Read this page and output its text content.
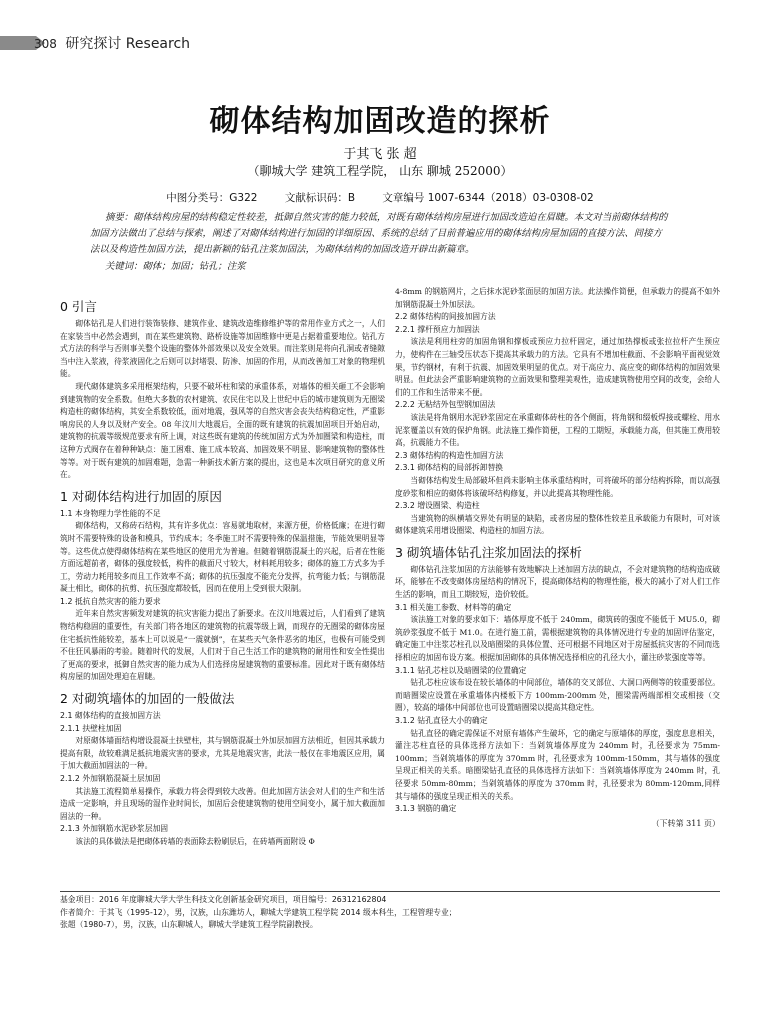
308 研究探讨 Research
砌体结构加固改造的探析
于其飞 张 超
（聊城大学 建筑工程学院， 山东 聊城 252000）
中图分类号：G322	文献标识码：B	文章编号 1007-6344（2018）03-0308-02
摘要：砌体结构房屋的结构稳定性较差，抵御自然灾害的能力较低，对既有砌体结构房屋进行加固改造迫在眉睫。本文对当前砌体结构的加固方法做出了总结与探索，阐述了对砌体结构进行加固的详细原因、系统的总结了目前普遍应用的砌体结构房屋加固的直接方法、间接方法以及构造性加固方法，提出新颖的钻孔注浆加固法，为砌体结构的加固改造开辟出新篇章。
关键词：砌体；加固；钻孔；注浆
0 引言

砌体钻孔是人们进行装饰装修、建筑作业、建筑改造维修维护等的常用作业方式之一，人们在家装当中必然会遇到，而在某些建筑物、路桥设施等加固维修中更是占据着重要地位。钻孔方式方法的科学与否则事关整个设施的整体外部效果以及安全效果。而注浆则是将向孔洞或者缝隙当中注入浆液，待浆液固化之后则可以封堵裂、防渗、加固的作用，从而改善加工对象的物理机能。

现代砌体建筑多采用框架结构，只要不破坏柱和梁的承重体系，对墙体的相关砸工不会影响到建筑物的安全系数。但绝大多数的农村建筑、农民住宅以及上世纪中后的城市建筑则为无圈梁构造柱的砌体结构，其安全系数较低，面对地震，强风等的自然灾害会丧失结构稳定性，严重影响房民的人身以及财产安全。08 年汶川大地震后，全面的既有建筑的抗震加固项目开始启动，建筑物的抗震等级规范要求有所上调，对这些既有建筑的传统加固方式为外加圈梁和构造柱，而这种方式阀存在着种种缺点：施工困难、施工成本较高、加固效果不明显、影响建筑物的整体性等等。对于既有建筑的加固难题，急需一种新技术新方案的提出，这也是本次项目研究的意义所在。

1 对砌体结构进行加固的原因
1.1 本身物理力学性能的不足

砌体结构，又称砖石结构，其有许多优点：容易就地取材，来源方便，价格低廉；在进行砌筑时不需要特殊的设备和模具，节约成本；冬季施工时不需要特殊的保温措施，节能效果明显等等。这些优点使得砌体结构在某些地区的使用尤为普遍。但随着钢筋混凝土的兴起，后者在性能方面远超前者，砌体的强度较低，构件的截面尺寸较大，材料耗用较多；砌体的施工方式多为手工，劳动力耗用较多而且工作效率不高；砌体的抗压强度不能充分发挥，抗弯能力低；与钢筋混凝土相比，砌体的抗剪、抗压强度都较低，因而在使用上受到很大限制。

1.2 抵抗自然灾害的能力要求

近年来自然灾害频发对建筑的抗灾害能力提出了新要求。在汶川地震过后，人们看到了建筑物结构稳固的重要性，有关部门将各地区的建筑物的抗震等级上调，而现存的无圈梁的砌体房屋住宅抵抗性能较差，基本上可以说是“一震就倒”，在某些天气条件恶劣的地区，也极有可能受到不住狂风暴雨的考验。随着时代的发展，人们对于自己生活工作的建筑物的耐用性和安全性提出了更高的要求，抵御自然灾害的能力成为人们选择房屋建筑物的重要标准。因此对于既有砌体结构房屋的加固处理迫在眉睫。

2 对砌筑墙体的加固的一般做法
2.1 砌体结构的直接加固方法
2.1.1 扶壁柱加固

对原砌体墙面结构增设混凝土扶壁柱，其与钢筋混凝土外加层加固方法相近，但因其承载力提高有限，故较难满足抵抗地震灾害的要求，尤其是地震灾害，此法一般仅在非地震区应用，属于加大截面加固法的一种。

2.1.2 外加钢筋混凝土层加固

其法施工流程简单易操作，承载力将会得到较大改善。但此加固方法会对人们的生产和生活造成一定影响，并且现场的湿作业时间长，加固后会使建筑物的使用空间变小，属于加大截面加固法的一种。

2.1.3 外加钢筋水泥砂浆层加固

该法的具体做法是把砌体砖墙的表面除去粉刷层后，在砖墙两面附设 Φ

4-8mm 的钢筋网片，之后抹水泥砂浆面层的加固方法。此法操作简便，但承载力的提高不如外加钢筋混凝土外加层法。

2.2 砌体结构的间接加固方法
2.2.1 撑杆预应力加固法

该法是利用柱旁的加固角钢和撑板或预应力拉杆固定，通过加热撑板或张拉拉杆产生预应力，使构件在三轴受压状态下提高其承载力的方法。它具有不增加柱截面、不会影响平面视觉效果，节约钢材，有利于抗震、加固效果明显的优点。对于高应力、高应变的砌体结构的加固效果明显。但此法会严重影响建筑物的立面效果和整理美观性，造成建筑物使用空间的改变，会给人们的工作和生活带来不便。

2.2.2 无粘结外包型钢加固法

该法是将角钢用水泥砂浆固定在承重砌体砖柱的各个侧面，将角钢和缀板焊接或螺栓、用水泥浆覆盖以有效的保护角钢。此法施工操作简便，工程的工期短，承载能力高，但其施工费用较高，抗震能力不佳。

2.3 砌体结构的构造性加固方法
2.3.1 砌体结构的局部拆卸替换

当砌体结构发生局部破坏但尚未影响主体承重结构时，可将破坏的部分结构拆除，而以高强度砂浆和相应的砌体将该破坏结构修复，并以此提高其物理性能。

2.3.2 增设圈梁、构造柱

当建筑物的纵横墙交界处有明显的缺陷，或者房屋的整体性较差且承载能力有限时，可对该砌体建筑采用增设圈梁、构造柱的加固方法。

3 砌筑墙体钻孔注浆加固法的探析

砌体钻孔注浆加固的方法能够有效地解决上述加固方法的缺点，不会对建筑物的结构造成破坏，能够在不改变砌体房屋结构的情况下，提高砌体结构的物理性能，极大的减小了对人们工作生活的影响，而且工期较短，造价较低。

3.1 相关施工参数、材料等的确定

该法施工对象的要求如下：墙体厚度不低于 240mm，砌筑砖的强度不能低于 MU5.0，砌筑砂浆强度不低于 M1.0。在进行施工前，需根据建筑物的具体情况进行专业的加固评估鉴定，确定施工中注浆芯柱孔以及暗圈梁的具体位置、还可根据不同地区对于房屋抵抗灾害的不同而选择相应的加固布设方案。根据加固砌体的具体情况选择相应的孔径大小，灌注砂浆强度等等。

3.1.1 钻孔芯柱以及暗圈梁的位置确定

钻孔芯柱应该布设在较长墙体的中间部位，墙体的交叉部位、大洞口两侧等的较重要部位。而暗圈梁应设置在承重墙体内楼板下方 100mm-200mm 处，圈梁需两端部相交或相接（交圈），较高的墙体中间部位也可设置暗圈梁以提高其稳定性。

3.1.2 钻孔直径大小的确定

钻孔直径的确定需保证不对原有墙体产生破坏，它的确定与原墙体的厚度，强度息息相关，灌注芯柱直径的具体选择方法如下：当剁筑墙体厚度为 240mm 时，孔径要求为 75mm-100mm；当剁筑墙体的厚度为 370mm 时，孔径要求为 100mm-150mm，其与墙体的强度呈现正相关的关系。暗圈梁钻孔直径的具体选择方法如下：当剁筑墙体厚度为 240mm 时，孔径要求 50mm-80mm；当剁筑墙体的厚度为 370mm 时，孔径要求为 80mm-120mm,同样其与墙体的强度呈现正相关的关系。

3.1.3 钢筋的确定
（下转第 311 页）

基金项目：2016 年度聊城大学大学生科技文化创新基金研究项目，项目编号：26312162804

作者简介：于其飞（1995-12），男，汉族，山东潍坊人，聊城大学建筑工程学院 2014 级本科生，工程管理专业；

张超（1980-7），男，汉族，山东聊城人，聊城大学建筑工程学院副教授。
